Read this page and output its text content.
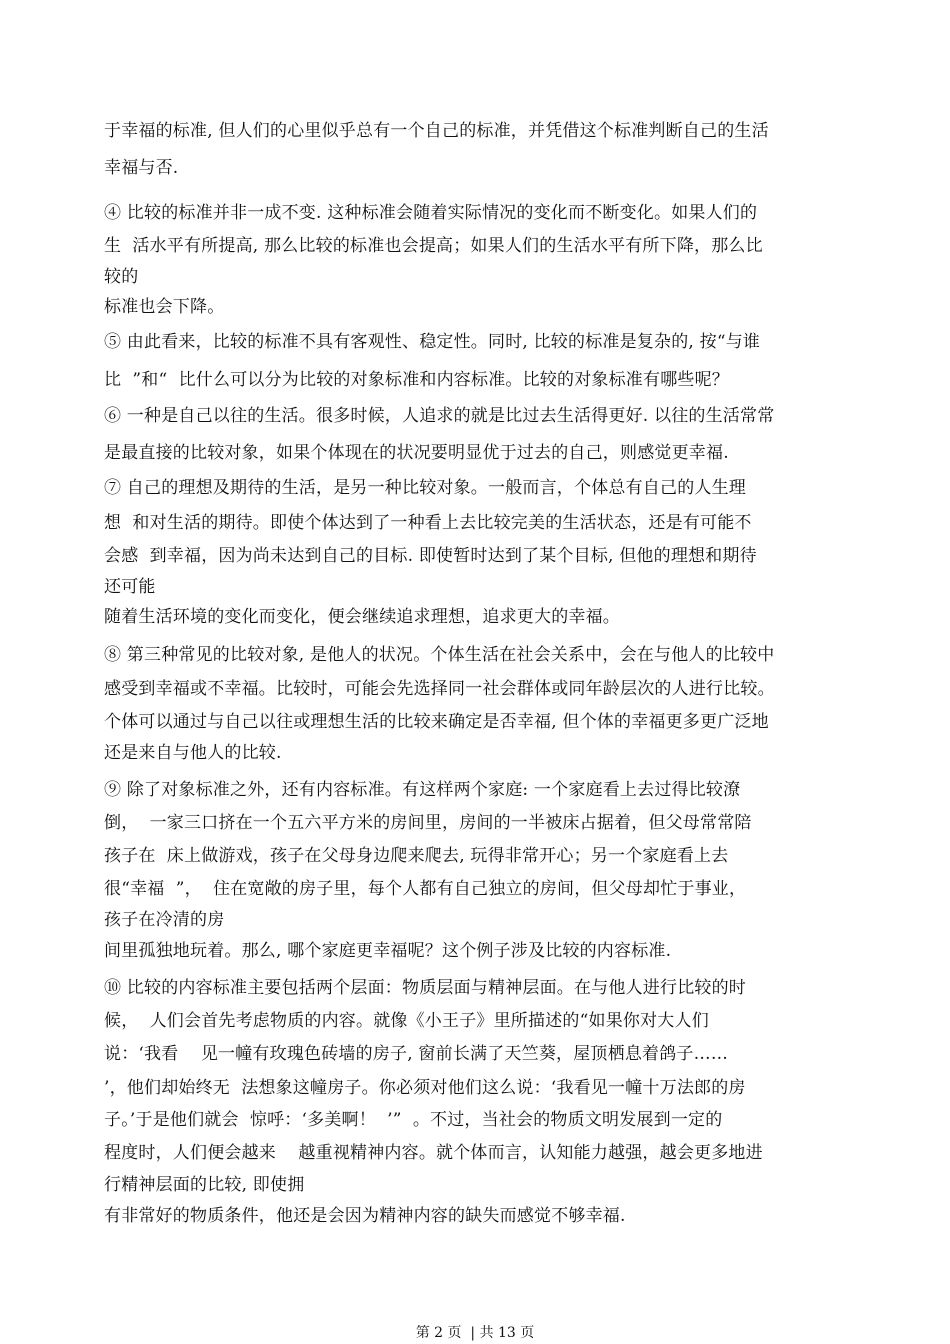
于幸福的标准, 但人们的心里似乎总有一个自己的标准，并凭借这个标准判断自己的生活
幸福与否.
④ 比较的标准并非一成不变. 这种标准会随着实际情况的变化而不断变化。如果人们的
生  活水平有所提高, 那么比较的标准也会提高；如果人们的生活水平有所下降，那么比
较的
标准也会下降。
⑤ 由此看来，比较的标准不具有客观性、稳定性。同时, 比较的标准是复杂的, 按“与谁
比  ”和“  比什么可以分为比较的对象标准和内容标准。比较的对象标准有哪些呢？
⑥ 一种是自己以往的生活。很多时候，人追求的就是比过去生活得更好. 以往的生活常常
是最直接的比较对象，如果个体现在的状况要明显优于过去的自己，则感觉更幸福.
⑦ 自己的理想及期待的生活，是另一种比较对象。一般而言，个体总有自己的人生理
想  和对生活的期待。即使个体达到了一种看上去比较完美的生活状态，还是有可能不
会感  到幸福，因为尚未达到自己的目标. 即使暂时达到了某个目标, 但他的理想和期待
还可能
随着生活环境的变化而变化，便会继续追求理想，追求更大的幸福。
⑧ 第三种常见的比较对象, 是他人的状况。个体生活在社会关系中，会在与他人的比较中
感受到幸福或不幸福。比较时，可能会先选择同一社会群体或同年龄层次的人进行比较。
个体可以通过与自己以往或理想生活的比较来确定是否幸福, 但个体的幸福更多更广泛地
还是来自与他人的比较.
⑨ 除了对象标准之外，还有内容标准。有这样两个家庭: 一个家庭看上去过得比较潦
倒，  一家三口挤在一个五六平方米的房间里，房间的一半被床占据着，但父母常常陪
孩子在  床上做游戏，孩子在父母身边爬来爬去, 玩得非常开心；另一个家庭看上去
很“幸福  ”，  住在宽敞的房子里，每个人都有自己独立的房间，但父母却忙于事业，
孩子在冷清的房
间里孤独地玩着。那么, 哪个家庭更幸福呢？这个例子涉及比较的内容标准.
⑩ 比较的内容标准主要包括两个层面：物质层面与精神层面。在与他人进行比较的时
候，  人们会首先考虑物质的内容。就像《小王子》里所描述的“如果你对大人们
说：‘我看    见一幢有玫瑰色砖墙的房子, 窗前长满了天竺葵，屋顶栖息着鸽子……
’，他们却始终无  法想象这幢房子。你必须对他们这么说：‘我看见一幢十万法郎的房
子。’于是他们就会  惊呼：‘多美啊！  ’”  。不过，当社会的物质文明发展到一定的
程度时，人们便会越来    越重视精神内容。就个体而言，认知能力越强，越会更多地进
行精神层面的比较, 即使拥
有非常好的物质条件，他还是会因为精神内容的缺失而感觉不够幸福.
第 2 页  | 共 13 页
